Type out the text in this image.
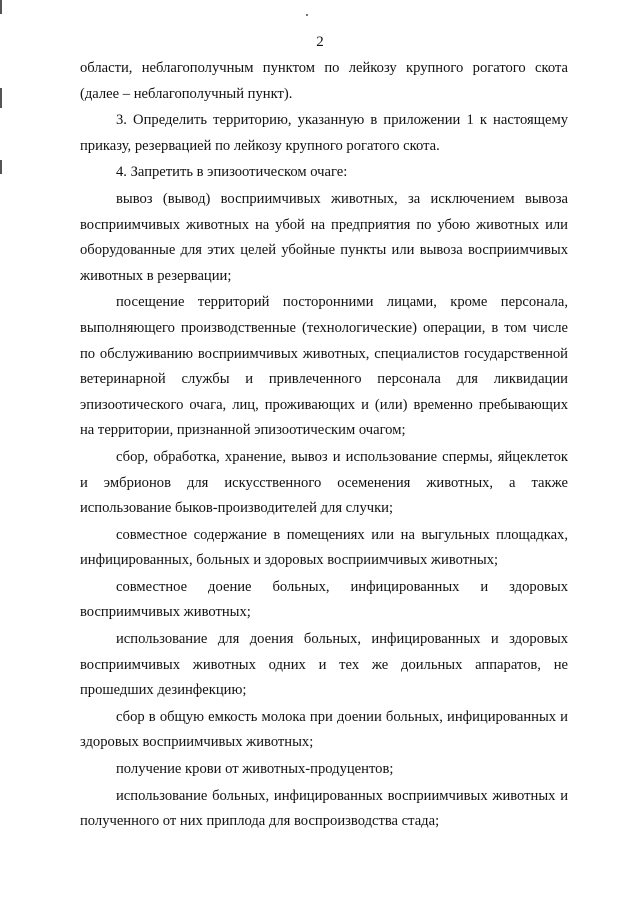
2

области, неблагополучным пунктом по лейкозу крупного рогатого скота (далее – неблагополучный пункт).

3. Определить территорию, указанную в приложении 1 к настоящему приказу, резервацией по лейкозу крупного рогатого скота.

4. Запретить в эпизоотическом очаге:

вывоз (вывод) восприимчивых животных, за исключением вывоза восприимчивых животных на убой на предприятия по убою животных или оборудованные для этих целей убойные пункты или вывоза восприимчивых животных в резервации;

посещение территорий посторонними лицами, кроме персонала, выполняющего производственные (технологические) операции, в том числе по обслуживанию восприимчивых животных, специалистов государственной ветеринарной службы и привлеченного персонала для ликвидации эпизоотического очага, лиц, проживающих и (или) временно пребывающих на территории, признанной эпизоотическим очагом;

сбор, обработка, хранение, вывоз и использование спермы, яйцеклеток и эмбрионов для искусственного осеменения животных, а также использование быков-производителей для случки;

совместное содержание в помещениях или на выгульных площадках, инфицированных, больных и здоровых восприимчивых животных;

совместное доение больных, инфицированных и здоровых восприимчивых животных;

использование для доения больных, инфицированных и здоровых восприимчивых животных одних и тех же доильных аппаратов, не прошедших дезинфекцию;

сбор в общую емкость молока при доении больных, инфицированных и здоровых восприимчивых животных;

получение крови от животных-продуцентов;

использование больных, инфицированных восприимчивых животных и полученного от них приплода для воспроизводства стада;
